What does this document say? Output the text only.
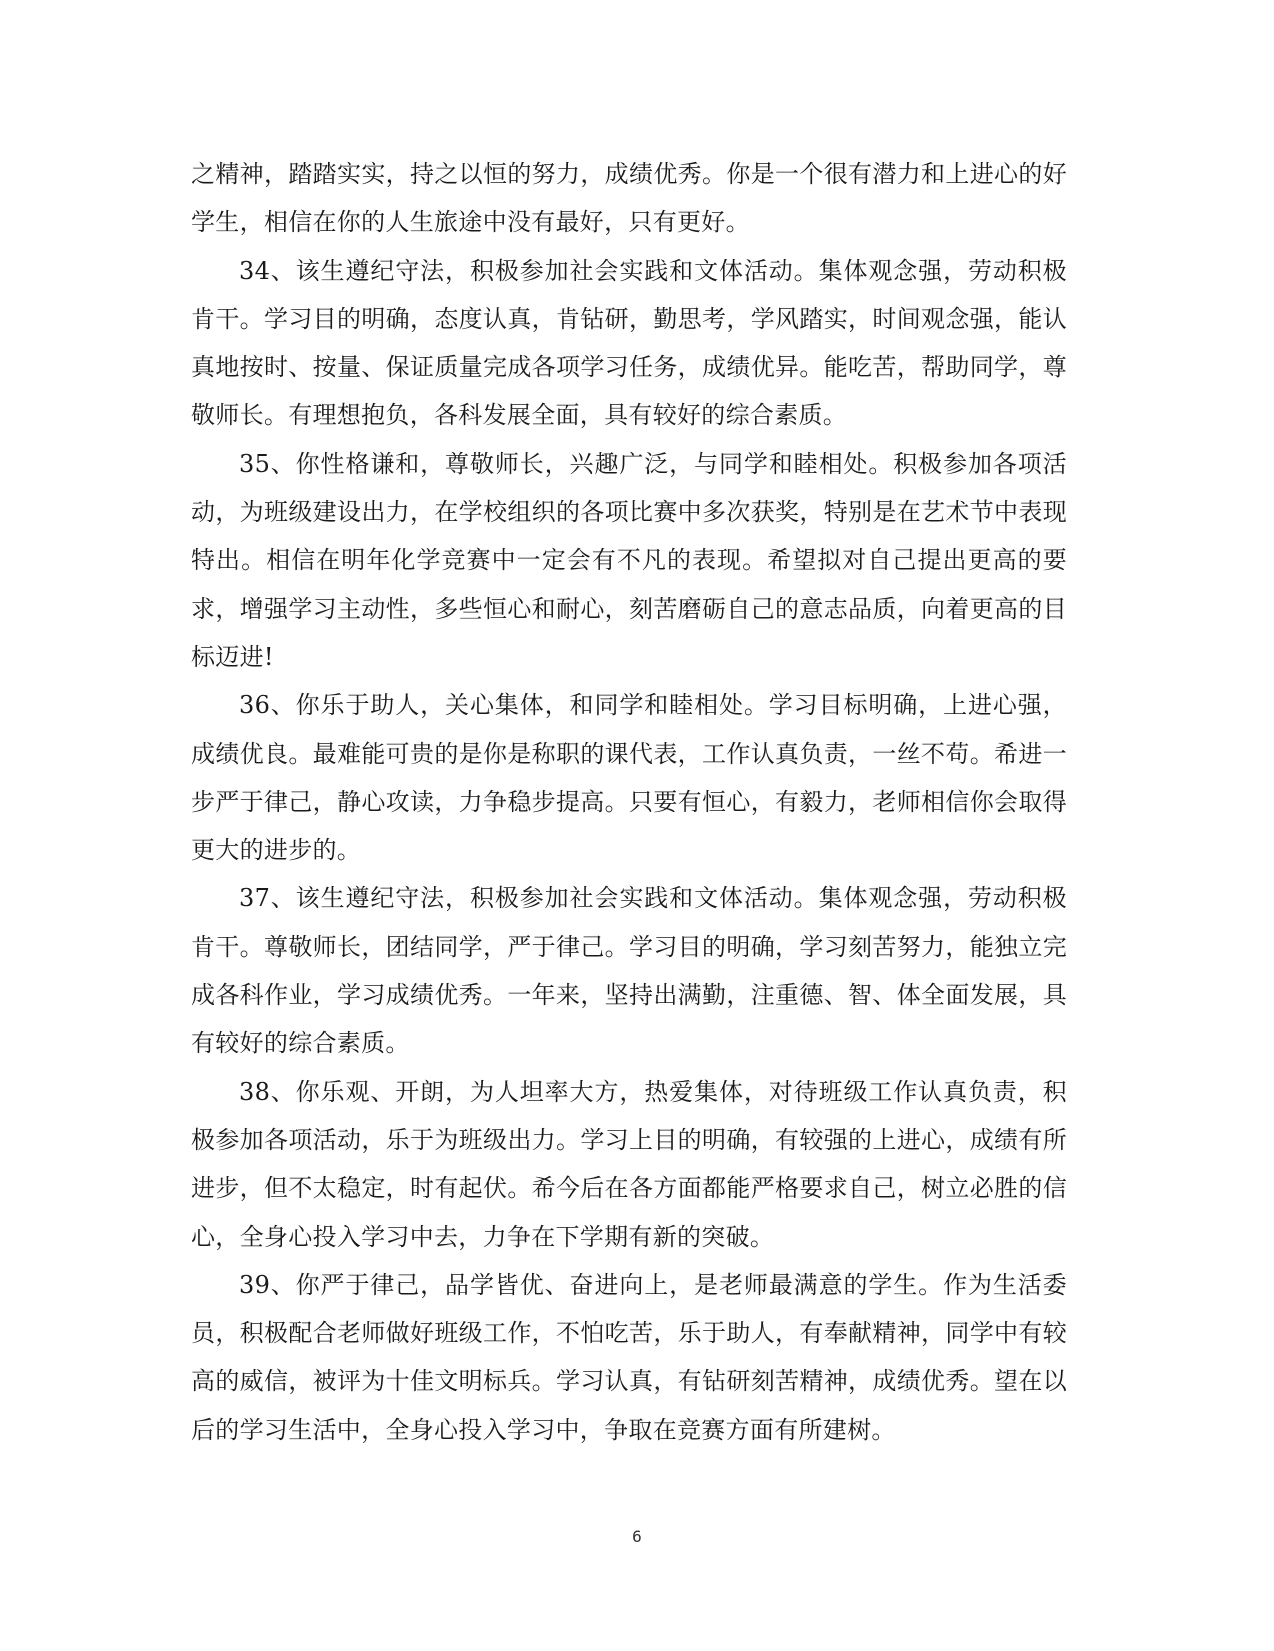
之精神，踏踏实实，持之以恒的努力，成绩优秀。你是一个很有潜力和上进心的好学生，相信在你的人生旅途中没有最好，只有更好。

34、该生遵纪守法，积极参加社会实践和文体活动。集体观念强，劳动积极肯干。学习目的明确，态度认真，肯钻研，勤思考，学风踏实，时间观念强，能认真地按时、按量、保证质量完成各项学习任务，成绩优异。能吃苦，帮助同学，尊敬师长。有理想抱负，各科发展全面，具有较好的综合素质。

35、你性格谦和，尊敬师长，兴趣广泛，与同学和睦相处。积极参加各项活动，为班级建设出力，在学校组织的各项比赛中多次获奖，特别是在艺术节中表现特出。相信在明年化学竞赛中一定会有不凡的表现。希望拟对自己提出更高的要求，增强学习主动性，多些恒心和耐心，刻苦磨砺自己的意志品质，向着更高的目标迈进!

36、你乐于助人，关心集体，和同学和睦相处。学习目标明确，上进心强，成绩优良。最难能可贵的是你是称职的课代表，工作认真负责，一丝不苟。希进一步严于律己，静心攻读，力争稳步提高。只要有恒心，有毅力，老师相信你会取得更大的进步的。

37、该生遵纪守法，积极参加社会实践和文体活动。集体观念强，劳动积极肯干。尊敬师长，团结同学，严于律己。学习目的明确，学习刻苦努力，能独立完成各科作业，学习成绩优秀。一年来，坚持出满勤，注重德、智、体全面发展，具有较好的综合素质。

38、你乐观、开朗，为人坦率大方，热爱集体，对待班级工作认真负责，积极参加各项活动，乐于为班级出力。学习上目的明确，有较强的上进心，成绩有所进步，但不太稳定，时有起伏。希今后在各方面都能严格要求自己，树立必胜的信心，全身心投入学习中去，力争在下学期有新的突破。

39、你严于律己，品学皆优、奋进向上，是老师最满意的学生。作为生活委员，积极配合老师做好班级工作，不怕吃苦，乐于助人，有奉献精神，同学中有较高的威信，被评为十佳文明标兵。学习认真，有钻研刻苦精神，成绩优秀。望在以后的学习生活中，全身心投入学习中，争取在竞赛方面有所建树。

6
